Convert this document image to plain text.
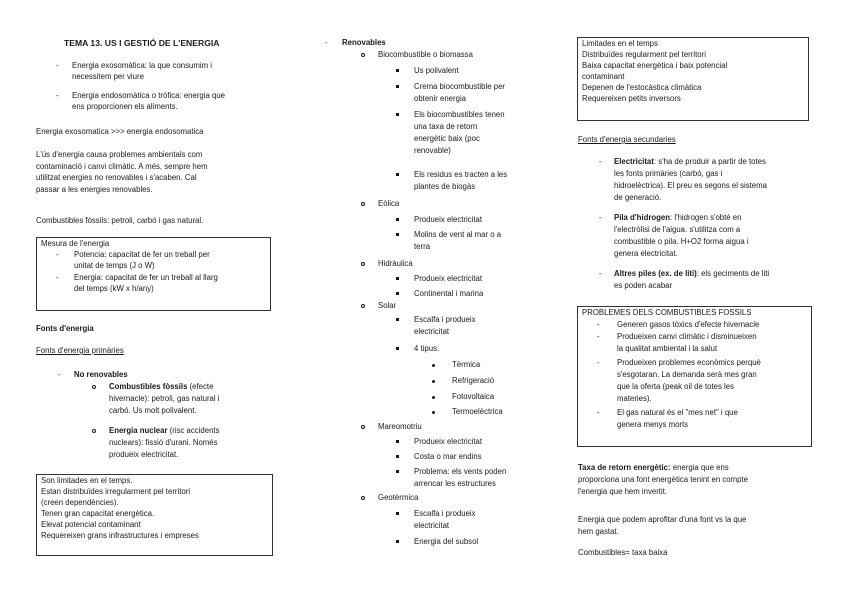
TEMA 13. US I GESTIÓ DE L'ENERGIA
- Energia exosomàtica: la que consumim i
necessitem per viure
- Energia endosomàtica o tròfica: energia que
ens proporcionen els aliments.
Energia exosomatica >>> energia endosomatica
L'ús d'energia causa problemes ambientals com
contaminació i canvi climàtic. A més, sempre hem
utilitzat energies no renovables i s'acaben. Cal
passar a les energies renovables.
Combustibles fòssils: petroli, carbó i gas natural.
Mesura de l'energia
- Potencia: capacitat de fer un treball per
unitat de temps (J o W)
- Energia: capacitat de fer un treball al llarg
del temps (kW x h/any)
Fonts d'energia
Fonts d'energia primàries
- No renovables
Combustibles fòssils (efecte
hivernacle): petroli, gas natural i
carbó. Us molt polivalent.
Energia nuclear (risc accidents
nuclears): fissió d'urani. Només
produeix electricitat.
Son limitades en el temps.
Estan distribuïdes irregularment pel territori
(creen dependències).
Tenen gran capacitat energètica.
Elevat potencial contaminant
Requereixen grans infrastructures i empreses
- Renovables
Biocombustible o biomassa
Us polivalent
Crema biocombustible per
obtenir energia
Els biocombustibles tenen
una taxa de retorn
energètic baix (poc
renovable)
Els residus es tracten a les
plantes de biogàs
Eòlica
Produeix electricitat
Molins de vent al mar o a
terra
Hidràulica
Produeix electricitat
Continental i marina
Solar
Escalfa i produeix
electricitat
4 tipus:
Tèrmica
Refrigeració
Fotovoltaica
Termoelèctrica
Mareomotriu
Produeix electricitat
Costa o mar endins
Problema: els vents poden
arrencar les estructures
Geotèrmica
Escalfa i produeix
electricitat
Energia del subsol
Limitades en el temps
Distribuïdes regularment pel territori
Baixa capacitat energètica i baix potencial
contaminant
Depenen de l'estocàstica climàtica
Requereixen petits inversors
Fonts d'energia secundaries
- Electricitat: s'ha de produir a partir de totes
les fonts primàries (carbó, gas i
hidroelèctrica). El preu es segons el sistema
de generació.
- Pila d'hidrogen: l'hidrogen s'obté en
l'electròlisi de l'aigua. s'utilitza com a
combustible o pila. H+O2 forma aigua i
genera electricitat.
- Altres piles (ex. de liti): els geciments de liti
es poden acabar
PROBLEMES DELS COMBUSTIBLES FOSSILS
- Generen gasos tòxics d'efecte hivernacle
- Produeixen canvi climàtic i disminueixen
la qualitat ambiental i la salut
- Produeixen problemes econòmics perquè
s'esgotaran. La demanda serà mes gran
que la oferta (peak oil de totes les
materies).
- El gas natural és el "mes net" i que
genera menys morts
Taxa de retorn energètic: energia que ens
proporciona una font energètica tenint en compte
l'energia que hem invertit.
Energia que podem aprofitar d'una font vs la que
hem gastat.
Combustibles= taxa baixa
